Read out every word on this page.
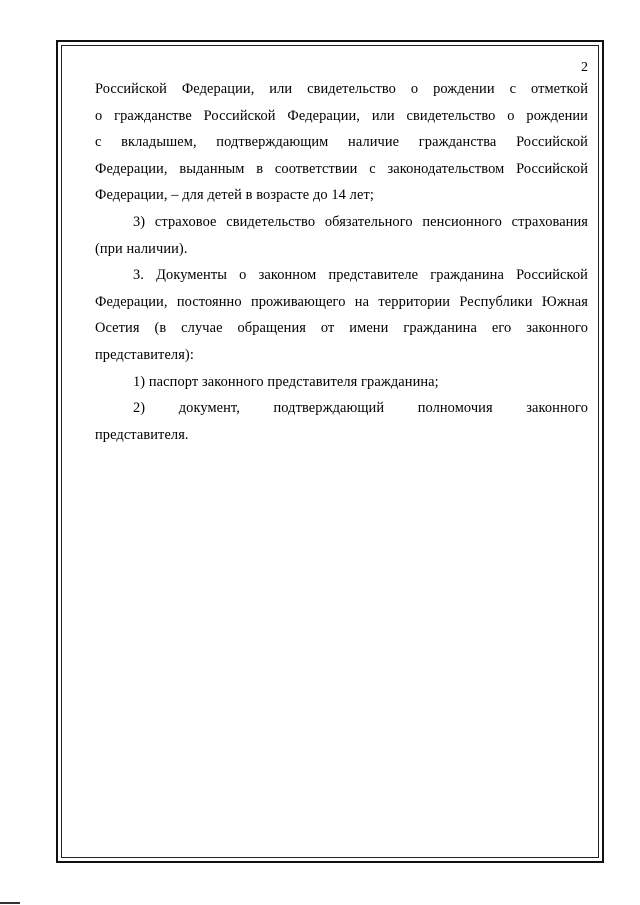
2
Российской Федерации, или свидетельство о рождении с отметкой
о гражданстве Российской Федерации, или свидетельство о рождении
с вкладышем, подтверждающим наличие гражданства Российской
Федерации, выданным в соответствии с законодательством Российской
Федерации, – для детей в возрасте до 14 лет;
3) страховое свидетельство обязательного пенсионного страхования
(при наличии).
3. Документы о законном представителе гражданина Российской
Федерации, постоянно проживающего на территории Республики Южная
Осетия (в случае обращения от имени гражданина его законного
представителя):
1) паспорт законного представителя гражданина;
2) документ, подтверждающий полномочия законного
представителя.
